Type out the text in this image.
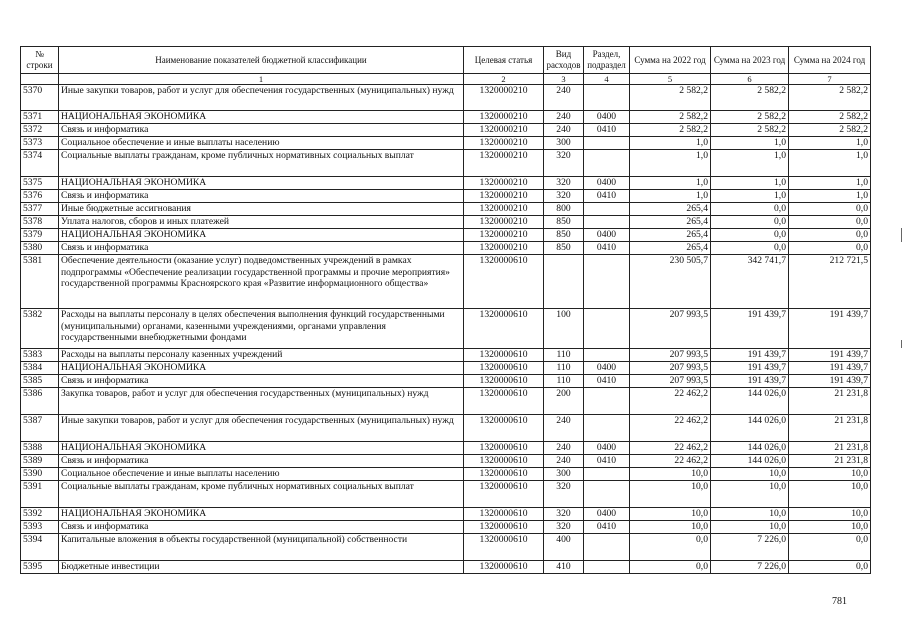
№ строки	Наименование показателей бюджетной классификации	Целевая статья	Вид расходов	Раздел, подраздел	Сумма на 2022 год	Сумма на 2023 год	Сумма на 2024 год
	1	2	3	4	5	6	7
5370	Иные закупки товаров, работ и услуг для обеспечения государственных (муниципальных) нужд	1320000210	240		2 582,2	2 582,2	2 582,2
5371	НАЦИОНАЛЬНАЯ ЭКОНОМИКА	1320000210	240	0400	2 582,2	2 582,2	2 582,2
5372	Связь и информатика	1320000210	240	0410	2 582,2	2 582,2	2 582,2
5373	Социальное обеспечение и иные выплаты населению	1320000210	300		1,0	1,0	1,0
5374	Социальные выплаты гражданам, кроме публичных нормативных социальных выплат	1320000210	320		1,0	1,0	1,0
5375	НАЦИОНАЛЬНАЯ ЭКОНОМИКА	1320000210	320	0400	1,0	1,0	1,0
5376	Связь и информатика	1320000210	320	0410	1,0	1,0	1,0
5377	Иные бюджетные ассигнования	1320000210	800		265,4	0,0	0,0
5378	Уплата налогов, сборов и иных платежей	1320000210	850		265,4	0,0	0,0
5379	НАЦИОНАЛЬНАЯ ЭКОНОМИКА	1320000210	850	0400	265,4	0,0	0,0
5380	Связь и информатика	1320000210	850	0410	265,4	0,0	0,0
5381	Обеспечение деятельности (оказание услуг) подведомственных учреждений в рамках подпрограммы «Обеспечение реализации государственной программы и прочие мероприятия» государственной программы Красноярского края «Развитие информационного общества»	1320000610			230 505,7	342 741,7	212 721,5
5382	Расходы на выплаты персоналу в целях обеспечения выполнения функций государственными (муниципальными) органами, казенными учреждениями, органами управления государственными внебюджетными фондами	1320000610	100		207 993,5	191 439,7	191 439,7
5383	Расходы на выплаты персоналу казенных учреждений	1320000610	110		207 993,5	191 439,7	191 439,7
5384	НАЦИОНАЛЬНАЯ ЭКОНОМИКА	1320000610	110	0400	207 993,5	191 439,7	191 439,7
5385	Связь и информатика	1320000610	110	0410	207 993,5	191 439,7	191 439,7
5386	Закупка товаров, работ и услуг для обеспечения государственных (муниципальных) нужд	1320000610	200		22 462,2	144 026,0	21 231,8
5387	Иные закупки товаров, работ и услуг для обеспечения государственных (муниципальных) нужд	1320000610	240		22 462,2	144 026,0	21 231,8
5388	НАЦИОНАЛЬНАЯ ЭКОНОМИКА	1320000610	240	0400	22 462,2	144 026,0	21 231,8
5389	Связь и информатика	1320000610	240	0410	22 462,2	144 026,0	21 231,8
5390	Социальное обеспечение и иные выплаты населению	1320000610	300		10,0	10,0	10,0
5391	Социальные выплаты гражданам, кроме публичных нормативных социальных выплат	1320000610	320		10,0	10,0	10,0
5392	НАЦИОНАЛЬНАЯ ЭКОНОМИКА	1320000610	320	0400	10,0	10,0	10,0
5393	Связь и информатика	1320000610	320	0410	10,0	10,0	10,0
5394	Капитальные вложения в объекты государственной (муниципальной) собственности	1320000610	400		0,0	7 226,0	0,0
5395	Бюджетные инвестиции	1320000610	410		0,0	7 226,0	0,0
781
